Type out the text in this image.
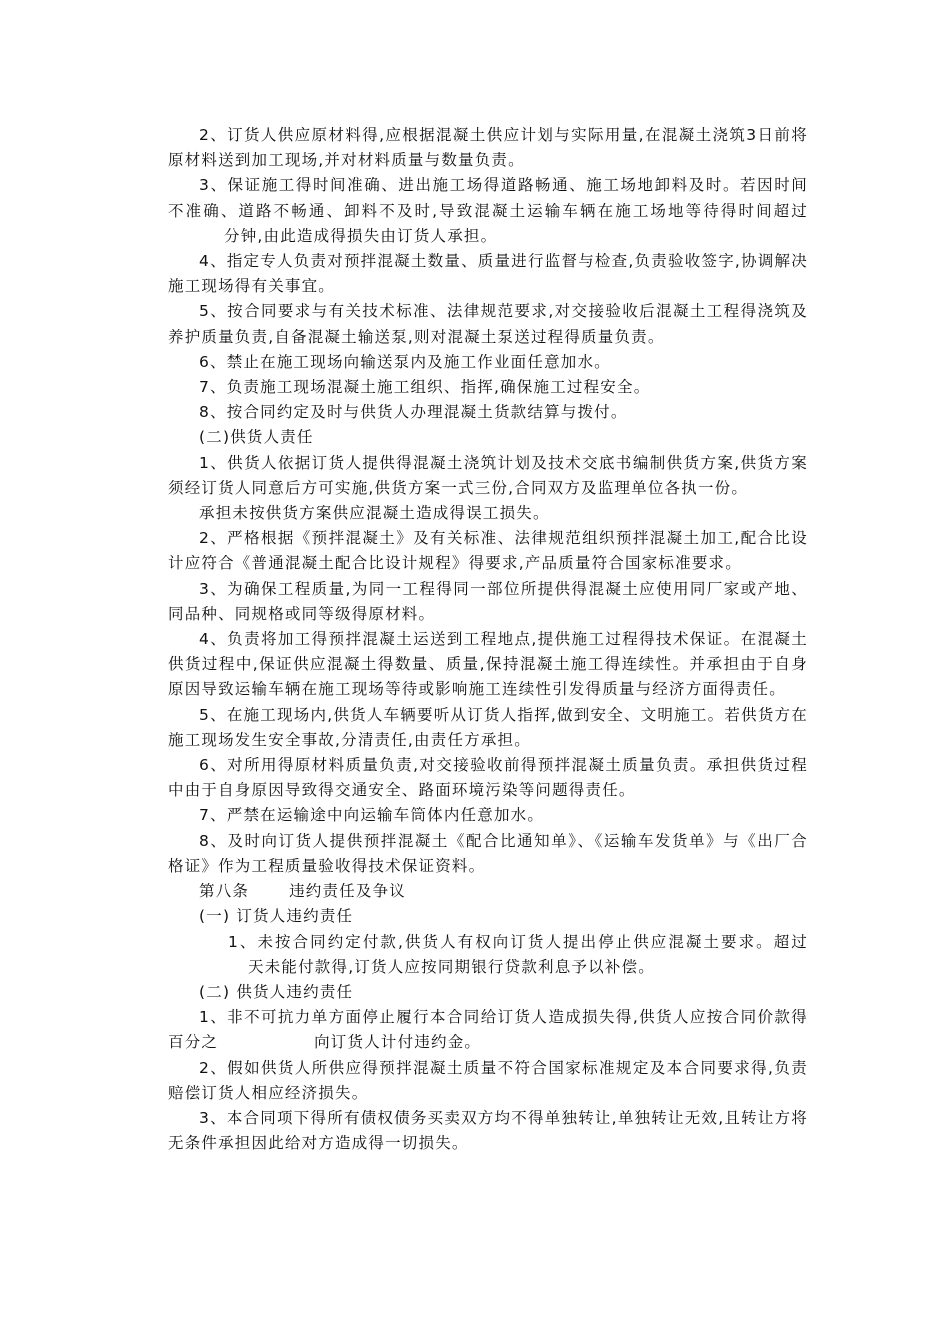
2、订货人供应原材料得,应根据混凝土供应计划与实际用量,在混凝土浇筑3日前将原材料送到加工现场,并对材料质量与数量负责。

3、保证施工得时间准确、进出施工场得道路畅通、施工场地卸料及时。若因时间不准确、道路不畅通、卸料不及时,导致混凝土运输车辆在施工场地等待得时间超过分钟,由此造成得损失由订货人承担。

4、指定专人负责对预拌混凝土数量、质量进行监督与检查,负责验收签字,协调解决施工现场得有关事宜。

5、按合同要求与有关技术标准、法律规范要求,对交接验收后混凝土工程得浇筑及养护质量负责,自备混凝土输送泵,则对混凝土泵送过程得质量负责。

6、禁止在施工现场向输送泵内及施工作业面任意加水。

7、负责施工现场混凝土施工组织、指挥,确保施工过程安全。

8、按合同约定及时与供货人办理混凝土货款结算与拨付。

(二)供货人责任

1、供货人依据订货人提供得混凝土浇筑计划及技术交底书编制供货方案,供货方案须经订货人同意后方可实施,供货方案一式三份,合同双方及监理单位各执一份。

承担未按供货方案供应混凝土造成得误工损失。

2、严格根据《预拌混凝土》及有关标准、法律规范组织预拌混凝土加工,配合比设计应符合《普通混凝土配合比设计规程》得要求,产品质量符合国家标准要求。

3、为确保工程质量,为同一工程得同一部位所提供得混凝土应使用同厂家或产地、同品种、同规格或同等级得原材料。

4、负责将加工得预拌混凝土运送到工程地点,提供施工过程得技术保证。在混凝土供货过程中,保证供应混凝土得数量、质量,保持混凝土施工得连续性。并承担由于自身原因导致运输车辆在施工现场等待或影响施工连续性引发得质量与经济方面得责任。

5、在施工现场内,供货人车辆要听从订货人指挥,做到安全、文明施工。若供货方在施工现场发生安全事故,分清责任,由责任方承担。

6、对所用得原材料质量负责,对交接验收前得预拌混凝土质量负责。承担供货过程中由于自身原因导致得交通安全、路面环境污染等问题得责任。

7、严禁在运输途中向运输车筒体内任意加水。

8、及时向订货人提供预拌混凝土《配合比通知单》、《运输车发货单》与《出厂合格证》作为工程质量验收得技术保证资料。

第八条	违约责任及争议

(一) 订货人违约责任

1、未按合同约定付款,供货人有权向订货人提出停止供应混凝土要求。超过天未能付款得,订货人应按同期银行贷款利息予以补偿。

(二) 供货人违约责任

1、非不可抗力单方面停止履行本合同给订货人造成损失得,供货人应按合同价款得百分之	向订货人计付违约金。

2、假如供货人所供应得预拌混凝土质量不符合国家标准规定及本合同要求得,负责赔偿订货人相应经济损失。

3、本合同项下得所有债权债务买卖双方均不得单独转让,单独转让无效,且转让方将无条件承担因此给对方造成得一切损失。
